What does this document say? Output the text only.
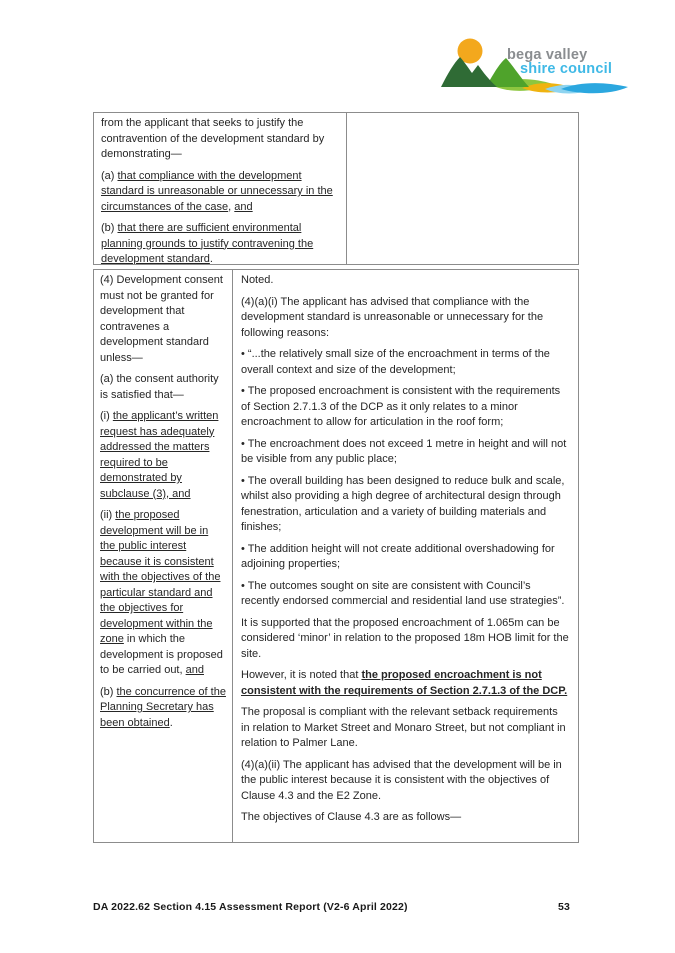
bega valley
shire council

from the applicant that seeks to justify the contravention of the development standard by demonstrating—

(a) that compliance with the development standard is unreasonable or unnecessary in the circumstances of the case, and

(b) that there are sufficient environmental planning grounds to justify contravening the development standard.

(4) Development consent must not be granted for development that contravenes a development standard unless—

(a) the consent authority is satisfied that—

(i) the applicant’s written request has adequately addressed the matters required to be demonstrated by subclause (3), and

(ii) the proposed development will be in the public interest because it is consistent with the objectives of the particular standard and the objectives for development within the zone in which the development is proposed to be carried out, and

(b) the concurrence of the Planning Secretary has been obtained.

Noted.

(4)(a)(i) The applicant has advised that compliance with the development standard is unreasonable or unnecessary for the following reasons:

• “...the relatively small size of the encroachment in terms of the overall context and size of the development;

• The proposed encroachment is consistent with the requirements of Section 2.7.1.3 of the DCP as it only relates to a minor encroachment to allow for articulation in the roof form;

• The encroachment does not exceed 1 metre in height and will not be visible from any public place;

• The overall building has been designed to reduce bulk and scale, whilst also providing a high degree of architectural design through fenestration, articulation and a variety of building materials and finishes;

• The addition height will not create additional overshadowing for adjoining properties;

• The outcomes sought on site are consistent with Council’s recently endorsed commercial and residential land use strategies”.

It is supported that the proposed encroachment of 1.065m can be considered ‘minor’ in relation to the proposed 18m HOB limit for the site.

However, it is noted that the proposed encroachment is not consistent with the requirements of Section 2.7.1.3 of the DCP.

The proposal is compliant with the relevant setback requirements in relation to Market Street and Monaro Street, but not compliant in relation to Palmer Lane.

(4)(a)(ii) The applicant has advised that the development will be in the public interest because it is consistent with the objectives of Clause 4.3 and the E2 Zone.

The objectives of Clause 4.3 are as follows—

DA 2022.62 Section 4.15 Assessment Report (V2-6 April 2022)	53
